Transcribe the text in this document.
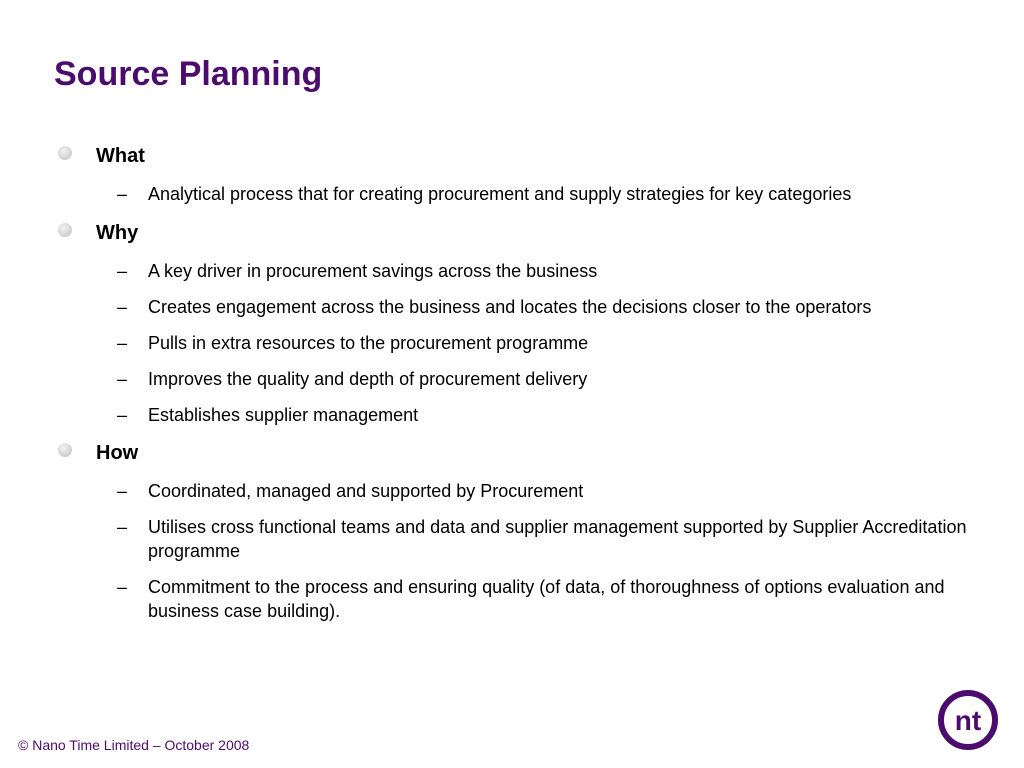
Source Planning
What
– Analytical process that for creating procurement and supply strategies for key categories
Why
– A key driver in procurement savings across the business
– Creates engagement across the business and locates the decisions closer to the operators
– Pulls in extra resources to the procurement programme
– Improves the quality and depth of procurement delivery
– Establishes supplier management
How
– Coordinated, managed and supported by Procurement
– Utilises cross functional teams and data and supplier management supported by Supplier Accreditation programme
– Commitment to the process and ensuring quality (of data, of thoroughness of options evaluation and business case building).
© Nano Time Limited – October 2008
nt
